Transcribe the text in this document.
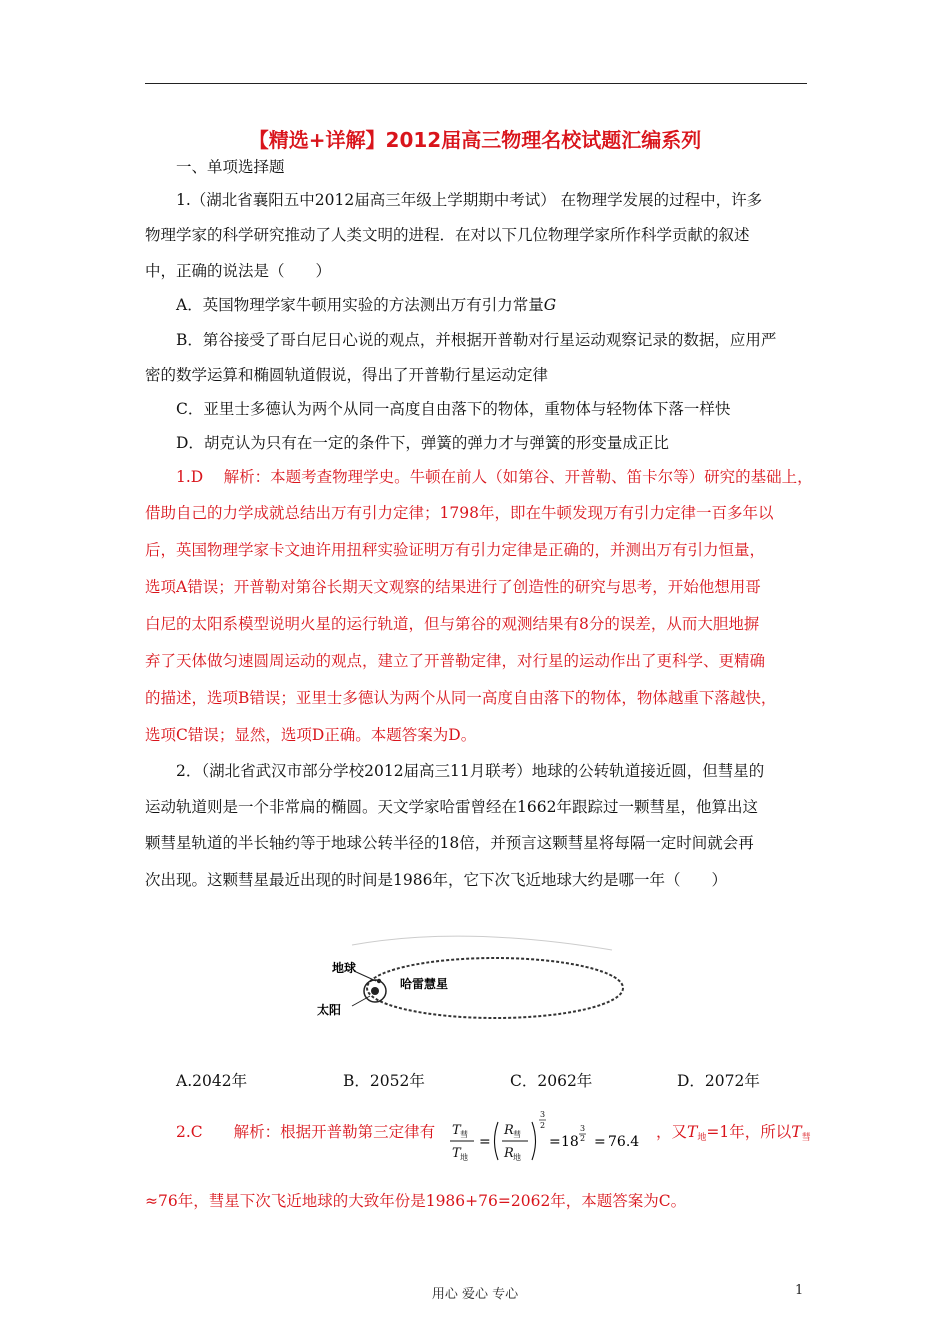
【精选+详解】2012届高三物理名校试题汇编系列
一、单项选择题
1.（湖北省襄阳五中2012届高三年级上学期期中考试） 在物理学发展的过程中，许多
物理学家的科学研究推动了人类文明的进程．在对以下几位物理学家所作科学贡献的叙述
中，正确的说法是（　　）
A．英国物理学家牛顿用实验的方法测出万有引力常量G
B．第谷接受了哥白尼日心说的观点，并根据开普勒对行星运动观察记录的数据，应用严
密的数学运算和椭圆轨道假说，得出了开普勒行星运动定律
C．亚里士多德认为两个从同一高度自由落下的物体，重物体与轻物体下落一样快
D．胡克认为只有在一定的条件下，弹簧的弹力才与弹簧的形变量成正比
1.D　 解析：本题考查物理学史。牛顿在前人（如第谷、开普勒、笛卡尔等）研究的基础上，
借助自己的力学成就总结出万有引力定律；1798年，即在牛顿发现万有引力定律一百多年以
后，英国物理学家卡文迪许用扭秤实验证明万有引力定律是正确的，并测出万有引力恒量，
选项A错误；开普勒对第谷长期天文观察的结果进行了创造性的研究与思考，开始他想用哥
白尼的太阳系模型说明火星的运行轨道，但与第谷的观测结果有8分的误差，从而大胆地摒
弃了天体做匀速圆周运动的观点，建立了开普勒定律，对行星的运动作出了更科学、更精确
的描述，选项B错误；亚里士多德认为两个从同一高度自由落下的物体，物体越重下落越快，
选项C错误；显然，选项D正确。本题答案为D。
2．（湖北省武汉市部分学校2012届高三11月联考）地球的公转轨道接近圆，但彗星的
运动轨道则是一个非常扁的椭圆。天文学家哈雷曾经在1662年跟踪过一颗彗星，他算出这
颗彗星轨道的半长轴约等于地球公转半径的18倍，并预言这颗彗星将每隔一定时间就会再
次出现。这颗彗星最近出现的时间是1986年，它下次飞近地球大约是哪一年（　　）
地球
哈雷慧星
太阳
A.2042年	B．2052年	C．2062年	D．2072年
2.C　　解析：根据开普勒第三定律有 T 彗
T 地
=
R 彗
R 地
3
2
= 18
3
2 = 76.4
，又$T_地=1$年，所以$T_彗$
≈76年，彗星下次飞近地球的大致年份是1986+76=2062年，本题答案为C。
用心 爱心 专心	1
